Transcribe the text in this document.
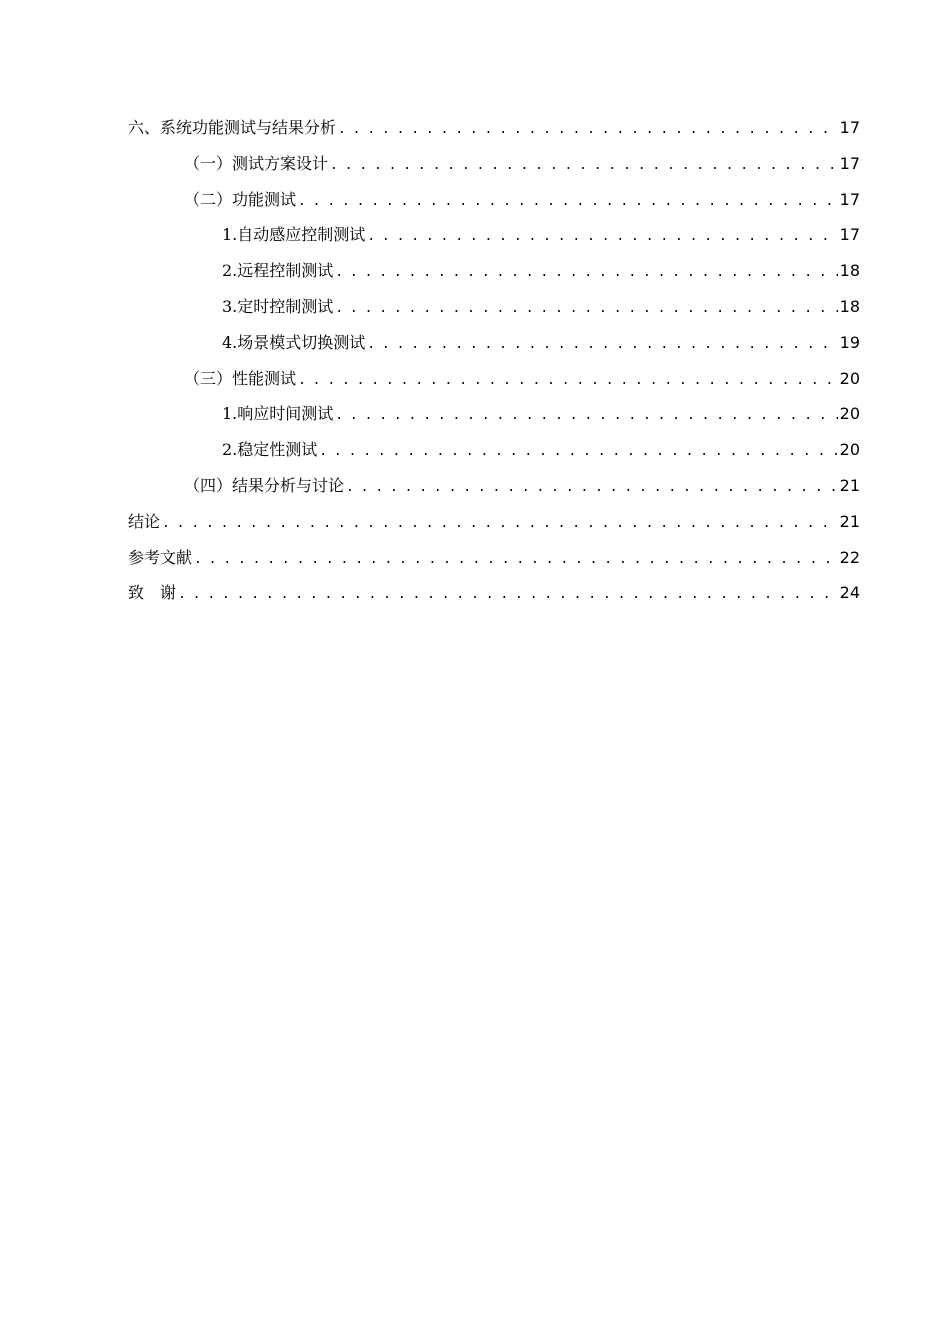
六、系统功能测试与结果分析 . . .	17
（一）测试方案设计 . . .	17
（二）功能测试 . . .	17
1.自动感应控制测试 . . .	17
2.远程控制测试 . . .	18
3.定时控制测试 . . .	18
4.场景模式切换测试 . . .	19
（三）性能测试 . . .	20
1.响应时间测试 . . .	20
2.稳定性测试 . . .	20
（四）结果分析与讨论 . . .	21
结论 . . .	21
参考文献 . . .	22
致　谢 . . .	24
